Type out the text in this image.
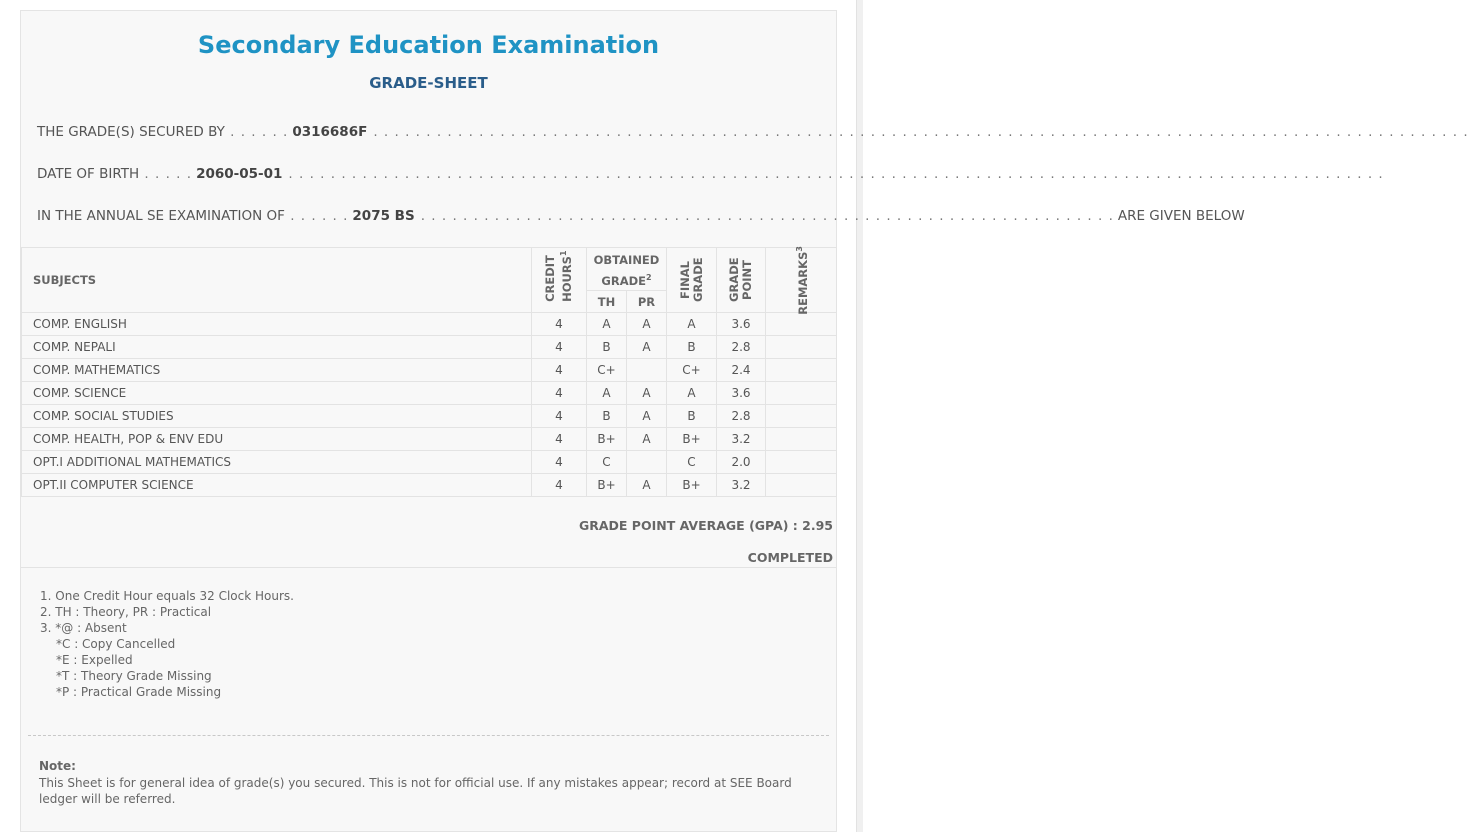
Secondary Education Examination
GRADE-SHEET
THE GRADE(S) SECURED BY . . . . . . 0316686F . . . . . . . . . . . . . . . . . . . . . . . . . . . . . . . . . . . . . . . . . . . . . . . . . . . . . . . . . . . . . . . . . . . . . . . . . . . . . . . . . . . . . . . . . . . . . . . . . . . . . . . .
DATE OF BIRTH . . . . . 2060-05-01 . . . . . . . . . . . . . . . . . . . . . . . . . . . . . . . . . . . . . . . . . . . . . . . . . . . . . . . . . . . . . . . . . . . . . . . . . . . . . . . . . . . . . . . . . . . . . . . . . . . . . . . .
IN THE ANNUAL SE EXAMINATION OF . . . . . . 2075 BS . . . . . . . . . . . . . . . . . . . . . . . . . . . . . . . . . . . . . . . . . . . . . . . . . . . . . . . . . . . . . . . . . . ARE GIVEN BELOW
SUBJECTS	CREDIT HOURS$^1$	OBTAINED GRADE$^2$		FINAL GRADE	GRADE POINT	REMARKS$^3$

		TH	PR			
COMP. ENGLISH	4	A	A	A	3.6	
COMP. NEPALI	4	B	A	B	2.8	
COMP. MATHEMATICS	4	C+		C+	2.4	
COMP. SCIENCE	4	A	A	A	3.6	
COMP. SOCIAL STUDIES	4	B	A	B	2.8	
COMP. HEALTH, POP & ENV EDU	4	B+	A	B+	3.2	
OPT.I ADDITIONAL MATHEMATICS	4	C		C	2.0	
OPT.II COMPUTER SCIENCE	4	B+	A	B+	3.2	
GRADE POINT AVERAGE (GPA) : 2.95
COMPLETED
1. One Credit Hour equals 32 Clock Hours.
2. TH : Theory, PR : Practical
3. *@ : Absent
*C : Copy Cancelled
*E : Expelled
*T : Theory Grade Missing
*P : Practical Grade Missing
Note:
This Sheet is for general idea of grade(s) you secured. This is not for official use. If any mistakes appear; record at SEE Board ledger will be referred.
